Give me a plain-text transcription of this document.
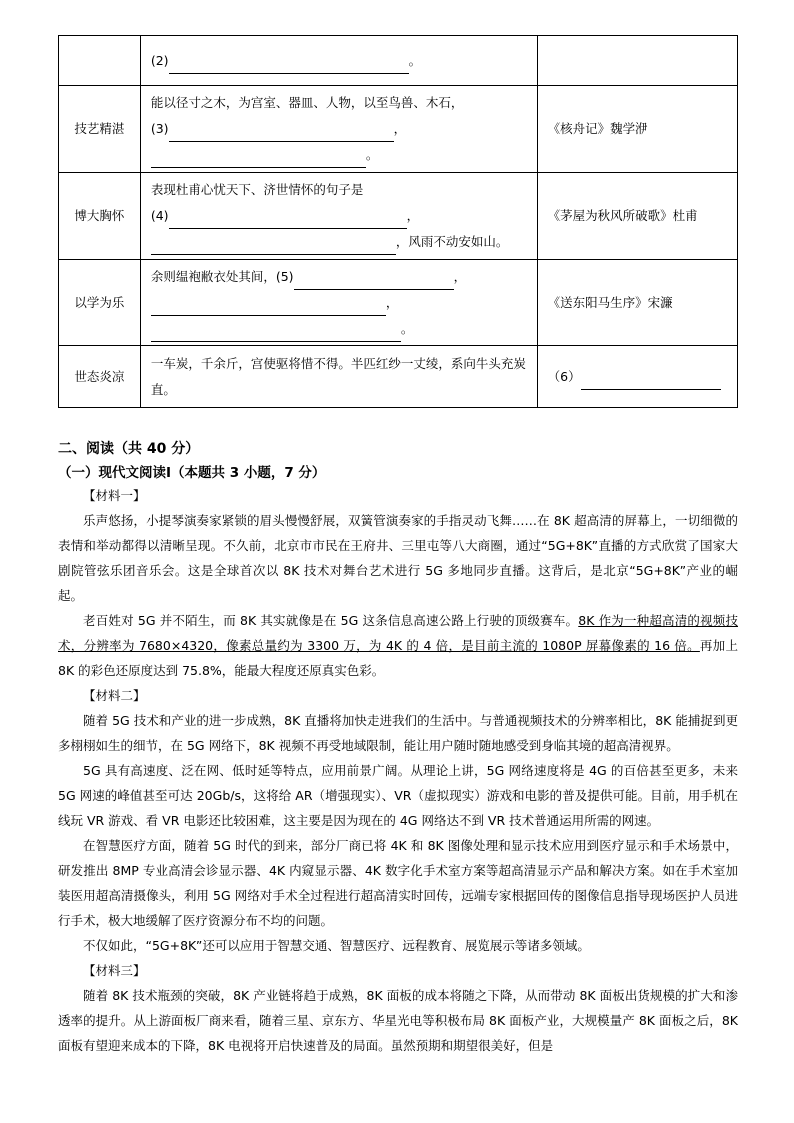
	(2) 。	
技艺精湛	能以径寸之木，为宫室、器皿、人物，以至鸟兽、木石，
(3) ，
。	《核舟记》魏学洢
博大胸怀	表现杜甫心忧天下、济世情怀的句子是
(4) ，
，风雨不动安如山。	《茅屋为秋风所破歌》杜甫
以学为乐	余则缊袍敝衣处其间，(5) ，
，
。	《送东阳马生序》宋濂
世态炎凉	一车炭，千余斤，宫使驱将惜不得。半匹红纱一丈绫，系向牛头充炭直。	（6）
二、阅读（共 40 分）
（一）现代文阅读Ⅰ（本题共 3 小题，7 分）

【材料一】

乐声悠扬，小提琴演奏家紧锁的眉头慢慢舒展，双簧管演奏家的手指灵动飞舞……在 8K 超高清的屏幕上，一切细微的表情和举动都得以清晰呈现。不久前，北京市市民在王府井、三里屯等八大商圈，通过“5G+8K”直播的方式欣赏了国家大剧院管弦乐团音乐会。这是全球首次以 8K 技术对舞台艺术进行 5G 多地同步直播。这背后，是北京“5G+8K”产业的崛起。

老百姓对 5G 并不陌生，而 8K 其实就像是在 5G 这条信息高速公路上行驶的顶级赛车。8K 作为一种超高清的视频技术，分辨率为 7680×4320，像素总量约为 3300 万，为 4K 的 4 倍，是目前主流的 1080P 屏幕像素的 16 倍。再加上 8K 的彩色还原度达到 75.8%，能最大程度还原真实色彩。

【材料二】

随着 5G 技术和产业的进一步成熟，8K 直播将加快走进我们的生活中。与普通视频技术的分辨率相比，8K 能捕捉到更多栩栩如生的细节，在 5G 网络下，8K 视频不再受地域限制，能让用户随时随地感受到身临其境的超高清视界。

5G 具有高速度、泛在网、低时延等特点，应用前景广阔。从理论上讲，5G 网络速度将是 4G 的百倍甚至更多，未来 5G 网速的峰值甚至可达 20Gb/s，这将给 AR（增强现实）、VR（虚拟现实）游戏和电影的普及提供可能。目前，用手机在线玩 VR 游戏、看 VR 电影还比较困难，这主要是因为现在的 4G 网络达不到 VR 技术普通运用所需的网速。

在智慧医疗方面，随着 5G 时代的到来，部分厂商已将 4K 和 8K 图像处理和显示技术应用到医疗显示和手术场景中，研发推出 8MP 专业高清会诊显示器、4K 内窥显示器、4K 数字化手术室方案等超高清显示产品和解决方案。如在手术室加装医用超高清摄像头，利用 5G 网络对手术全过程进行超高清实时回传，远端专家根据回传的图像信息指导现场医护人员进行手术，极大地缓解了医疗资源分布不均的问题。

不仅如此，“5G+8K”还可以应用于智慧交通、智慧医疗、远程教育、展览展示等诸多领域。

【材料三】

随着 8K 技术瓶颈的突破，8K 产业链将趋于成熟，8K 面板的成本将随之下降，从而带动 8K 面板出货规模的扩大和渗透率的提升。从上游面板厂商来看，随着三星、京东方、华星光电等积极布局 8K 面板产业，大规模量产 8K 面板之后，8K 面板有望迎来成本的下降，8K 电视将开启快速普及的局面。虽然预期和期望很美好，但是
